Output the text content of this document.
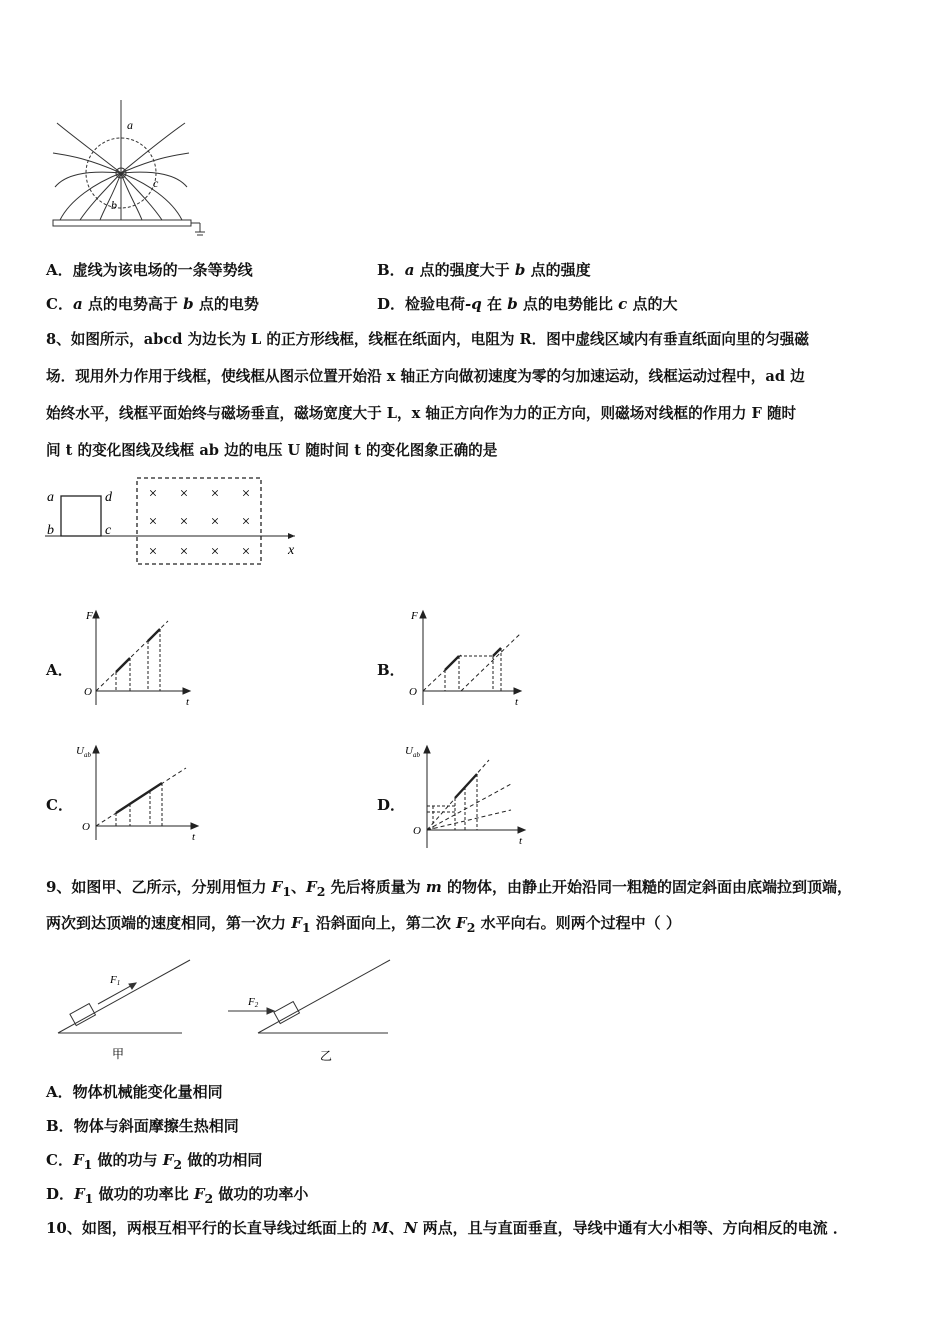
a
b
c
A．虚线为该电场的一条等势线	B．a 点的强度大于 b 点的强度
C．a 点的电势高于 b 点的电势	D．检验电荷-q 在 b 点的电势能比 c 点的大
8、如图所示，abcd 为边长为 L 的正方形线框，线框在纸面内，电阻为 R．图中虚线区域内有垂直纸面向里的匀强磁
场．现用外力作用于线框，使线框从图示位置开始沿 x 轴正方向做初速度为零的匀加速运动，线框运动过程中，ad 边
始终水平，线框平面始终与磁场垂直，磁场宽度大于 L，x 轴正方向作为力的正方向，则磁场对线框的作用力 F 随时
间 t 的变化图线及线框 ab 边的电压 U 随时间 t 的变化图象正确的是
a
b	c
d
x
× × × ×
× × × ×
× × × ×
A．
F
O
t
B．
F
O
t
C．
$U_{ab}$
O
t
D．
$U_{ab}$
O
t
9、如图甲、乙所示，分别用恒力 $F_1$、$F_2$ 先后将质量为 m 的物体，由静止开始沿同一粗糙的固定斜面由底端拉到顶端，
两次到达顶端的速度相同，第一次力 $F_1$ 沿斜面向上，第二次 $F_2$ 水平向右。则两个过程中（ ）
F1
F2
甲	乙
A．物体机械能变化量相同
B．物体与斜面摩擦生热相同
C．$F_1$ 做的功与 $F_2$ 做的功相同
D．$F_1$ 做功的功率比 $F_2$ 做功的功率小
10、如图，两根互相平行的长直导线过纸面上的 M、N 两点，且与直面垂直，导线中通有大小相等、方向相反的电流 ．
